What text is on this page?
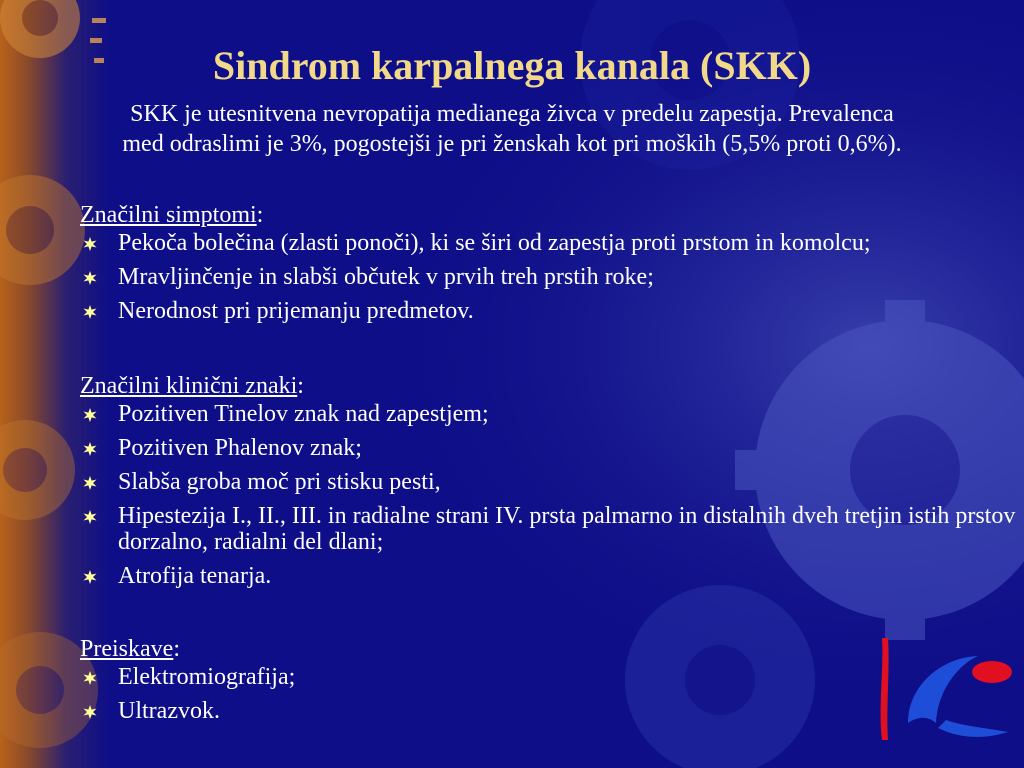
Sindrom karpalnega kanala (SKK)
SKK je utesnitvena nevropatija medianega živca v predelu zapestja. Prevalenca
med odraslimi je 3%, pogostejši je pri ženskah kot pri moških (5,5% proti 0,6%).
Značilni simptomi:
Pekoča bolečina (zlasti ponoči), ki se širi od zapestja proti prstom in komolcu;
Mravljinčenje in slabši občutek v prvih treh prstih roke;
Nerodnost pri prijemanju predmetov.
Značilni klinični znaki:
Pozitiven Tinelov znak nad zapestjem;
Pozitiven Phalenov znak;
Slabša groba moč pri stisku pesti,
Hipestezija I., II., III. in radialne strani IV. prsta palmarno in distalnih dveh tretjin istih prstov dorzalno, radialni del dlani;
Atrofija tenarja.
Preiskave:
Elektromiografija;
Ultrazvok.
